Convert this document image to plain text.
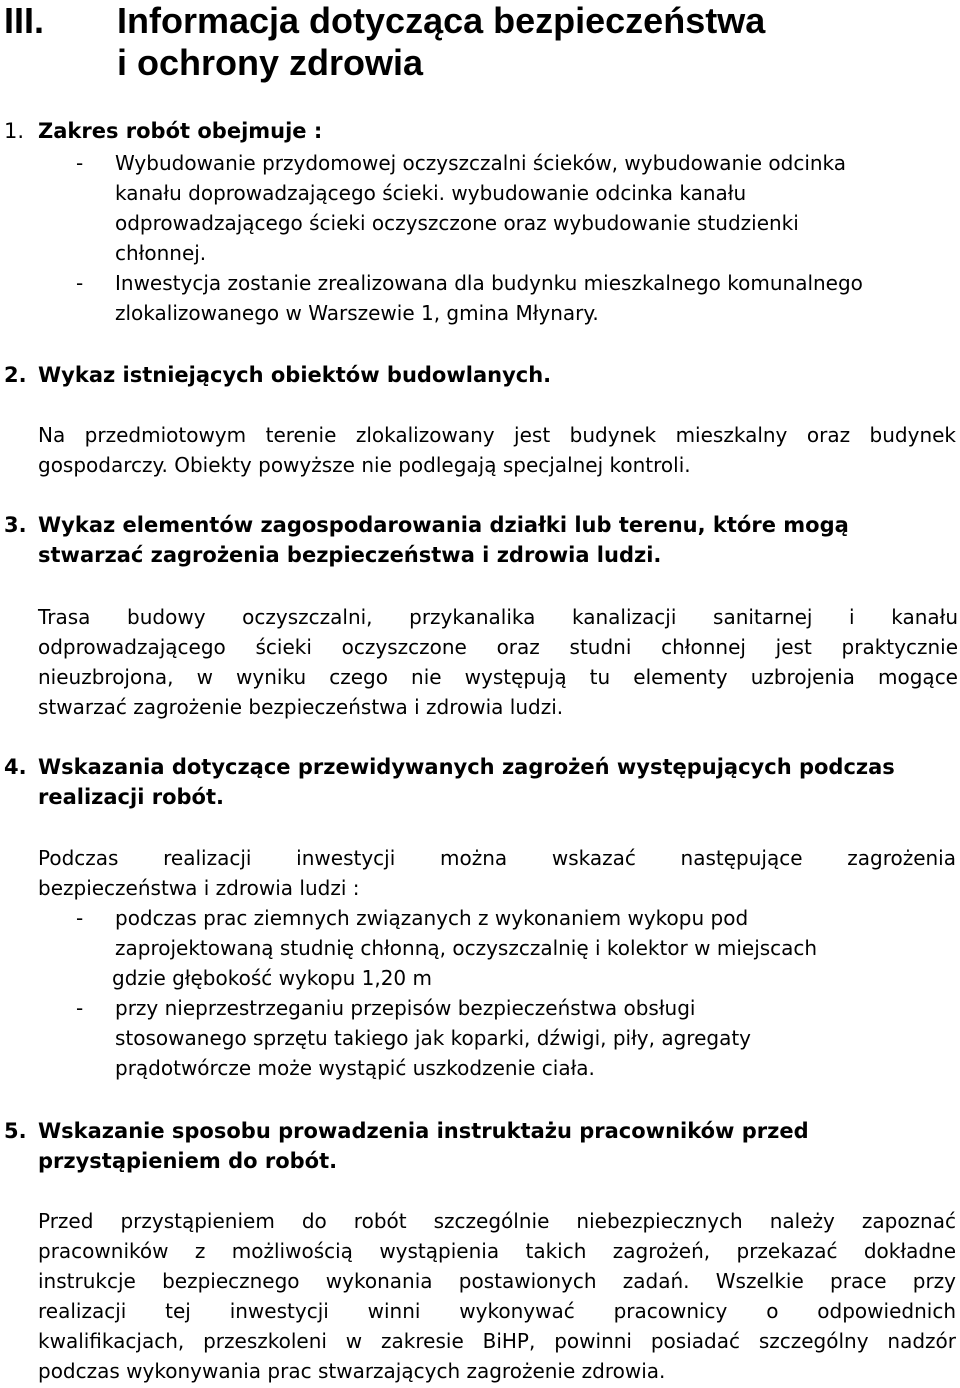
III. Informacja dotycząca bezpieczeństwa
i ochrony zdrowia
1. Zakres robót obejmuje :
- Wybudowanie przydomowej oczyszczalni ścieków, wybudowanie odcinka
kanału doprowadzającego ścieki. wybudowanie odcinka kanału
odprowadzającego ścieki oczyszczone oraz wybudowanie studzienki
chłonnej.
- Inwestycja zostanie zrealizowana dla budynku mieszkalnego komunalnego
zlokalizowanego w Warszewie 1, gmina Młynary.
2. Wykaz istniejących obiektów budowlanych.
Na przedmiotowym terenie zlokalizowany jest budynek mieszkalny oraz budynek
gospodarczy. Obiekty powyższe nie podlegają specjalnej kontroli.
3. Wykaz elementów zagospodarowania działki lub terenu, które mogą
stwarzać zagrożenia bezpieczeństwa i zdrowia ludzi.
Trasa budowy oczyszczalni, przykanalika kanalizacji sanitarnej i kanału
odprowadzającego ścieki oczyszczone oraz studni chłonnej jest praktycznie
nieuzbrojona, w wyniku czego nie występują tu elementy uzbrojenia mogące
stwarzać zagrożenie bezpieczeństwa i zdrowia ludzi.
4. Wskazania dotyczące przewidywanych zagrożeń występujących podczas
realizacji robót.
Podczas realizacji inwestycji można wskazać następujące zagrożenia
bezpieczeństwa i zdrowia ludzi :
- podczas prac ziemnych związanych z wykonaniem wykopu pod
zaprojektowaną studnię chłonną, oczyszczalnię i kolektor w miejscach
gdzie głębokość wykopu 1,20 m
- przy nieprzestrzeganiu przepisów bezpieczeństwa obsługi
stosowanego sprzętu takiego jak koparki, dźwigi, piły, agregaty
prądotwórcze może wystąpić uszkodzenie ciała.
5. Wskazanie sposobu prowadzenia instruktażu pracowników przed
przystąpieniem do robót.
Przed przystąpieniem do robót szczególnie niebezpiecznych należy zapoznać
pracowników z możliwością wystąpienia takich zagrożeń, przekazać dokładne
instrukcje bezpiecznego wykonania postawionych zadań. Wszelkie prace przy
realizacji tej inwestycji winni wykonywać pracownicy o odpowiednich
kwalifikacjach, przeszkoleni w zakresie BiHP, powinni posiadać szczególny nadzór
podczas wykonywania prac stwarzających zagrożenie zdrowia.
